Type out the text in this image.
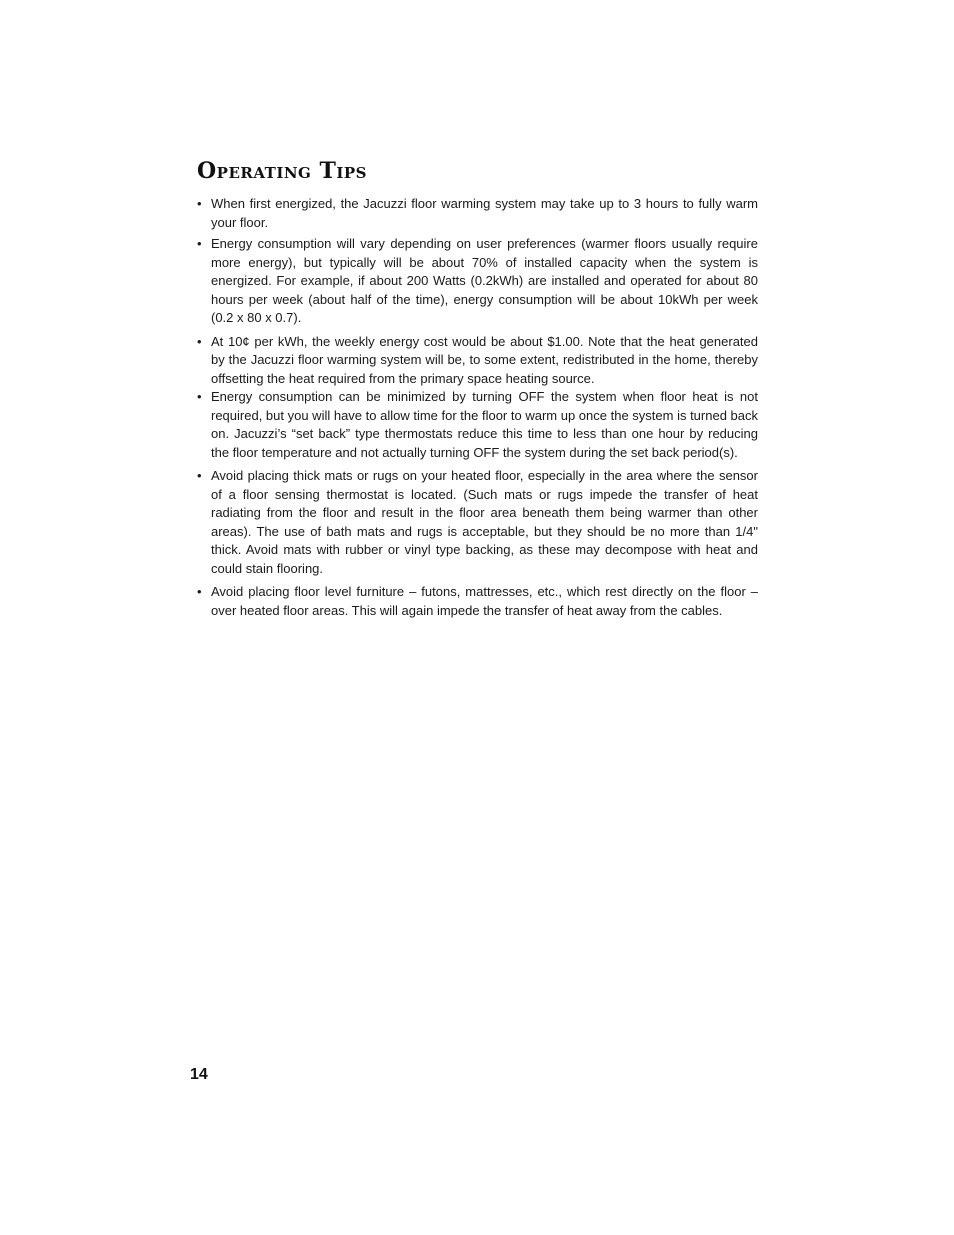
Operating Tips
• When first energized, the Jacuzzi floor warming system may take up to 3 hours to fully warm your floor.
• Energy consumption will vary depending on user preferences (warmer floors usually require more energy), but typically will be about 70% of installed capacity when the system is energized. For example, if about 200 Watts (0.2kWh) are installed and operated for about 80 hours per week (about half of the time), energy consumption will be about 10kWh per week (0.2 x 80 x 0.7).
• At 10¢ per kWh, the weekly energy cost would be about $1.00. Note that the heat generated by the Jacuzzi floor warming system will be, to some extent, redistributed in the home, thereby offsetting the heat required from the primary space heating source.
• Energy consumption can be minimized by turning OFF the system when floor heat is not required, but you will have to allow time for the floor to warm up once the system is turned back on. Jacuzzi’s “set back” type thermostats reduce this time to less than one hour by reducing the floor temperature and not actually turning OFF the system during the set back period(s).
• Avoid placing thick mats or rugs on your heated floor, especially in the area where the sensor of a floor sensing thermostat is located. (Such mats or rugs impede the transfer of heat radiating from the floor and result in the floor area beneath them being warmer than other areas). The use of bath mats and rugs is acceptable, but they should be no more than 1/4" thick. Avoid mats with rubber or vinyl type backing, as these may decompose with heat and could stain flooring.
• Avoid placing floor level furniture – futons, mattresses, etc., which rest directly on the floor – over heated floor areas. This will again impede the transfer of heat away from the cables.
14
